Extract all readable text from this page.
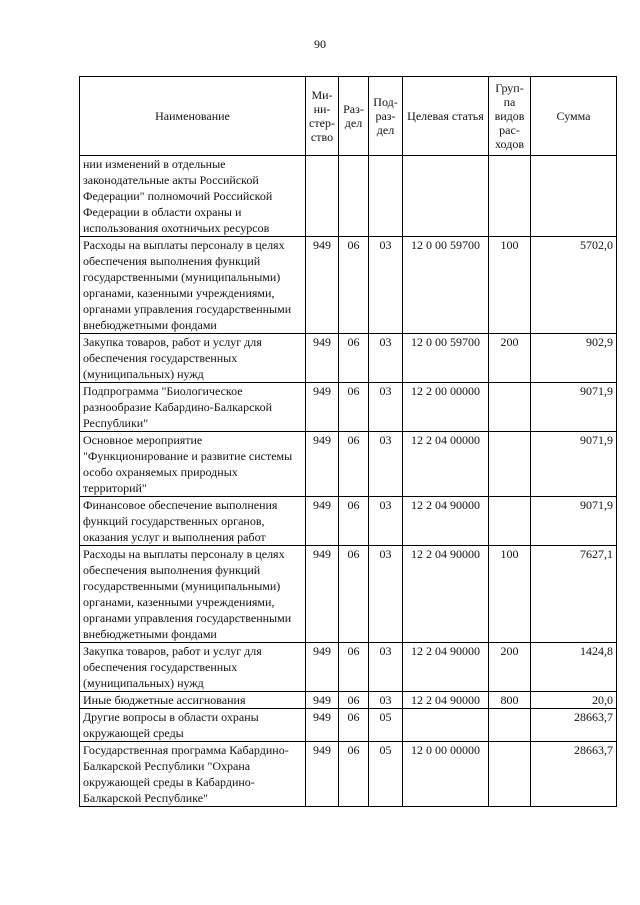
90
Наименование	Ми-ни-стер-ство	Раз-дел	Под-раз-дел	Целевая статья	Груп-па видов рас-ходов	Сумма
нии изменений в отдельные законодательные акты Российской Федерации" полномочий Российской Федерации в области охраны и использования охотничьих ресурсов						
Расходы на выплаты персоналу в целях обеспечения выполнения функций государственными (муниципальными) органами, казенными учреждениями, органами управления государственными внебюджетными фондами	949	06	03	12 0 00 59700	100	5702,0
Закупка товаров, работ и услуг для обеспечения государственных (муниципальных) нужд	949	06	03	12 0 00 59700	200	902,9
Подпрограмма "Биологическое разнообразие Кабардино-Балкарской Республики"	949	06	03	12 2 00 00000		9071,9
Основное мероприятие "Функционирование и развитие системы особо охраняемых природных территорий"	949	06	03	12 2 04 00000		9071,9
Финансовое обеспечение выполнения функций государственных органов, оказания услуг и выполнения работ	949	06	03	12 2 04 90000		9071,9
Расходы на выплаты персоналу в целях обеспечения выполнения функций государственными (муниципальными) органами, казенными учреждениями, органами управления государственными внебюджетными фондами	949	06	03	12 2 04 90000	100	7627,1
Закупка товаров, работ и услуг для обеспечения государственных (муниципальных) нужд	949	06	03	12 2 04 90000	200	1424,8
Иные бюджетные ассигнования	949	06	03	12 2 04 90000	800	20,0
Другие вопросы в области охраны окружающей среды	949	06	05			28663,7
Государственная программа Кабардино-Балкарской Республики "Охрана окружающей среды в Кабардино-Балкарской Республике"	949	06	05	12 0 00 00000		28663,7
